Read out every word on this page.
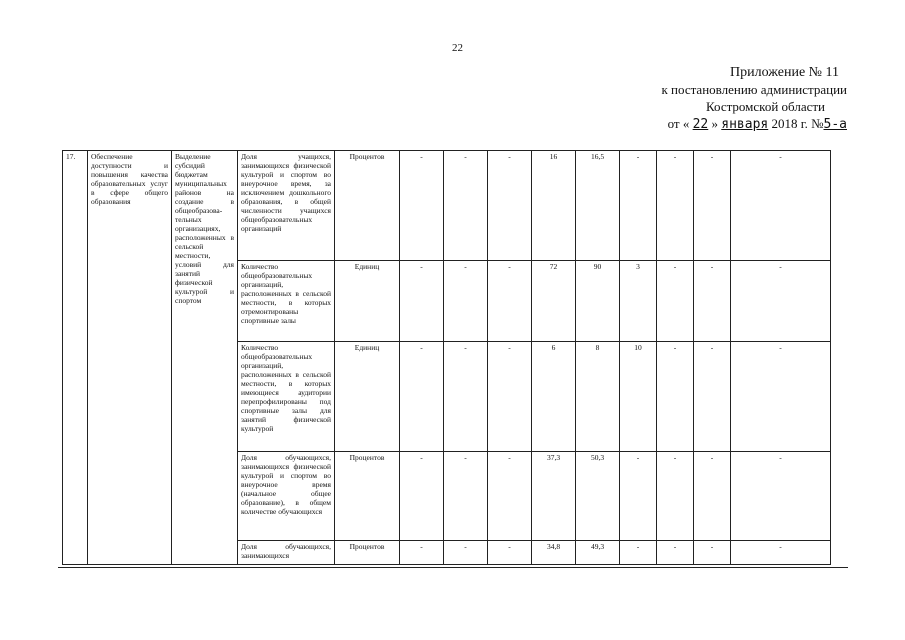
22
Приложение № 11
к постановлению администрации
Костромской области
от « 22 » января 2018 г. №5-а
17.	Обеспечение доступности и повышения качества образовательных услуг в сфере общего образования	Выделение субсидий бюджетам муниципальных районов на создание в общеобразова-тельных организациях, расположенных в сельской местности, условий для занятий физической культурой и спортом	Доля учащихся, занимающихся физической культурой и спортом во внеурочное время, за исключением дошкольного образования, в общей численности учащихся общеобразовательных организаций	Процентов	-	-	-	16	16,5	-	-	-	-
			Количество общеобразовательных организаций, расположенных в сельской местности, в которых отремонтированы спортивные залы	Единиц	-	-	-	72	90	3	-	-	-
			Количество общеобразовательных организаций, расположенных в сельской местности, в которых имеющиеся аудитории перепрофилированы под спортивные залы для занятий физической культурой	Единиц	-	-	-	6	8	10	-	-	-
			Доля обучающихся, занимающихся физической культурой и спортом во внеурочное время (начальное общее образование), в общем количестве обучающихся	Процентов	-	-	-	37,3	50,3	-	-	-	-
			Доля обучающихся, занимающихся	Процентов	-	-	-	34,8	49,3	-	-	-	-
